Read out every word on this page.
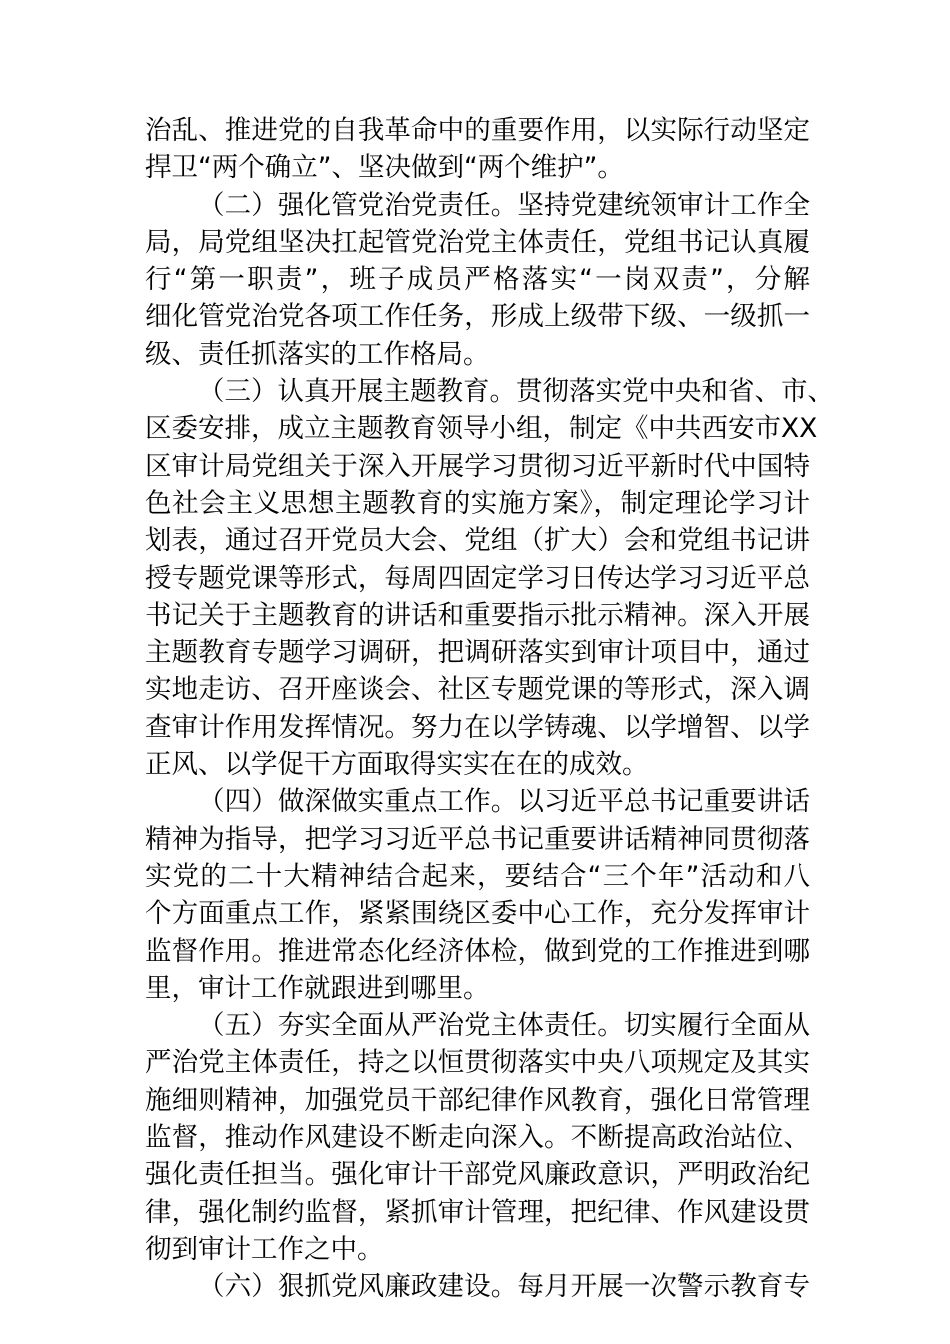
治乱、推进党的自我革命中的重要作用，以实际行动坚定
捍卫“两个确立”、坚决做到“两个维护”。
（二）强化管党治党责任。坚持党建统领审计工作全
局，局党组坚决扛起管党治党主体责任，党组书记认真履
行“第一职责”，班子成员严格落实“一岗双责”，分解
细化管党治党各项工作任务，形成上级带下级、一级抓一
级、责任抓落实的工作格局。
（三）认真开展主题教育。贯彻落实党中央和省、市、
区委安排，成立主题教育领导小组，制定《中共西安市XX
区审计局党组关于深入开展学习贯彻习近平新时代中国特
色社会主义思想主题教育的实施方案》，制定理论学习计
划表，通过召开党员大会、党组（扩大）会和党组书记讲
授专题党课等形式，每周四固定学习日传达学习习近平总
书记关于主题教育的讲话和重要指示批示精神。深入开展
主题教育专题学习调研，把调研落实到审计项目中，通过
实地走访、召开座谈会、社区专题党课的等形式，深入调
查审计作用发挥情况。努力在以学铸魂、以学增智、以学
正风、以学促干方面取得实实在在的成效。
（四）做深做实重点工作。以习近平总书记重要讲话
精神为指导，把学习习近平总书记重要讲话精神同贯彻落
实党的二十大精神结合起来，要结合“三个年”活动和八
个方面重点工作，紧紧围绕区委中心工作，充分发挥审计
监督作用。推进常态化经济体检，做到党的工作推进到哪
里，审计工作就跟进到哪里。
（五）夯实全面从严治党主体责任。切实履行全面从
严治党主体责任，持之以恒贯彻落实中央八项规定及其实
施细则精神，加强党员干部纪律作风教育，强化日常管理
监督，推动作风建设不断走向深入。不断提高政治站位、
强化责任担当。强化审计干部党风廉政意识，严明政治纪
律，强化制约监督，紧抓审计管理，把纪律、作风建设贯
彻到审计工作之中。
（六）狠抓党风廉政建设。每月开展一次警示教育专
